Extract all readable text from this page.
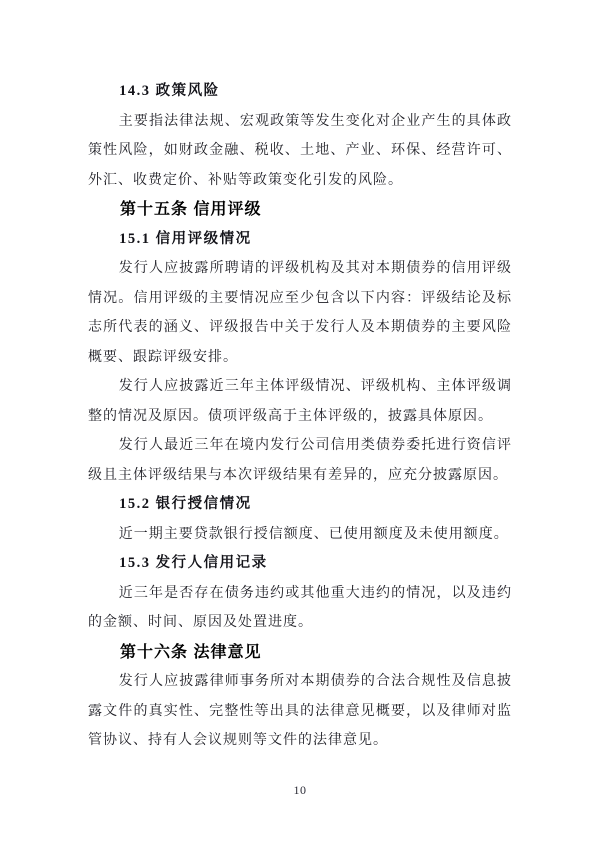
14.3 政策风险

主要指法律法规、宏观政策等发生变化对企业产生的具体政策性风险，如财政金融、税收、土地、产业、环保、经营许可、外汇、收费定价、补贴等政策变化引发的风险。

第十五条 信用评级
15.1 信用评级情况

发行人应披露所聘请的评级机构及其对本期债券的信用评级情况。信用评级的主要情况应至少包含以下内容：评级结论及标志所代表的涵义、评级报告中关于发行人及本期债券的主要风险概要、跟踪评级安排。

发行人应披露近三年主体评级情况、评级机构、主体评级调整的情况及原因。债项评级高于主体评级的，披露具体原因。

发行人最近三年在境内发行公司信用类债券委托进行资信评级且主体评级结果与本次评级结果有差异的，应充分披露原因。

15.2 银行授信情况

近一期主要贷款银行授信额度、已使用额度及未使用额度。

15.3 发行人信用记录

近三年是否存在债务违约或其他重大违约的情况，以及违约的金额、时间、原因及处置进度。

第十六条 法律意见

发行人应披露律师事务所对本期债券的合法合规性及信息披露文件的真实性、完整性等出具的法律意见概要，以及律师对监管协议、持有人会议规则等文件的法律意见。

10
